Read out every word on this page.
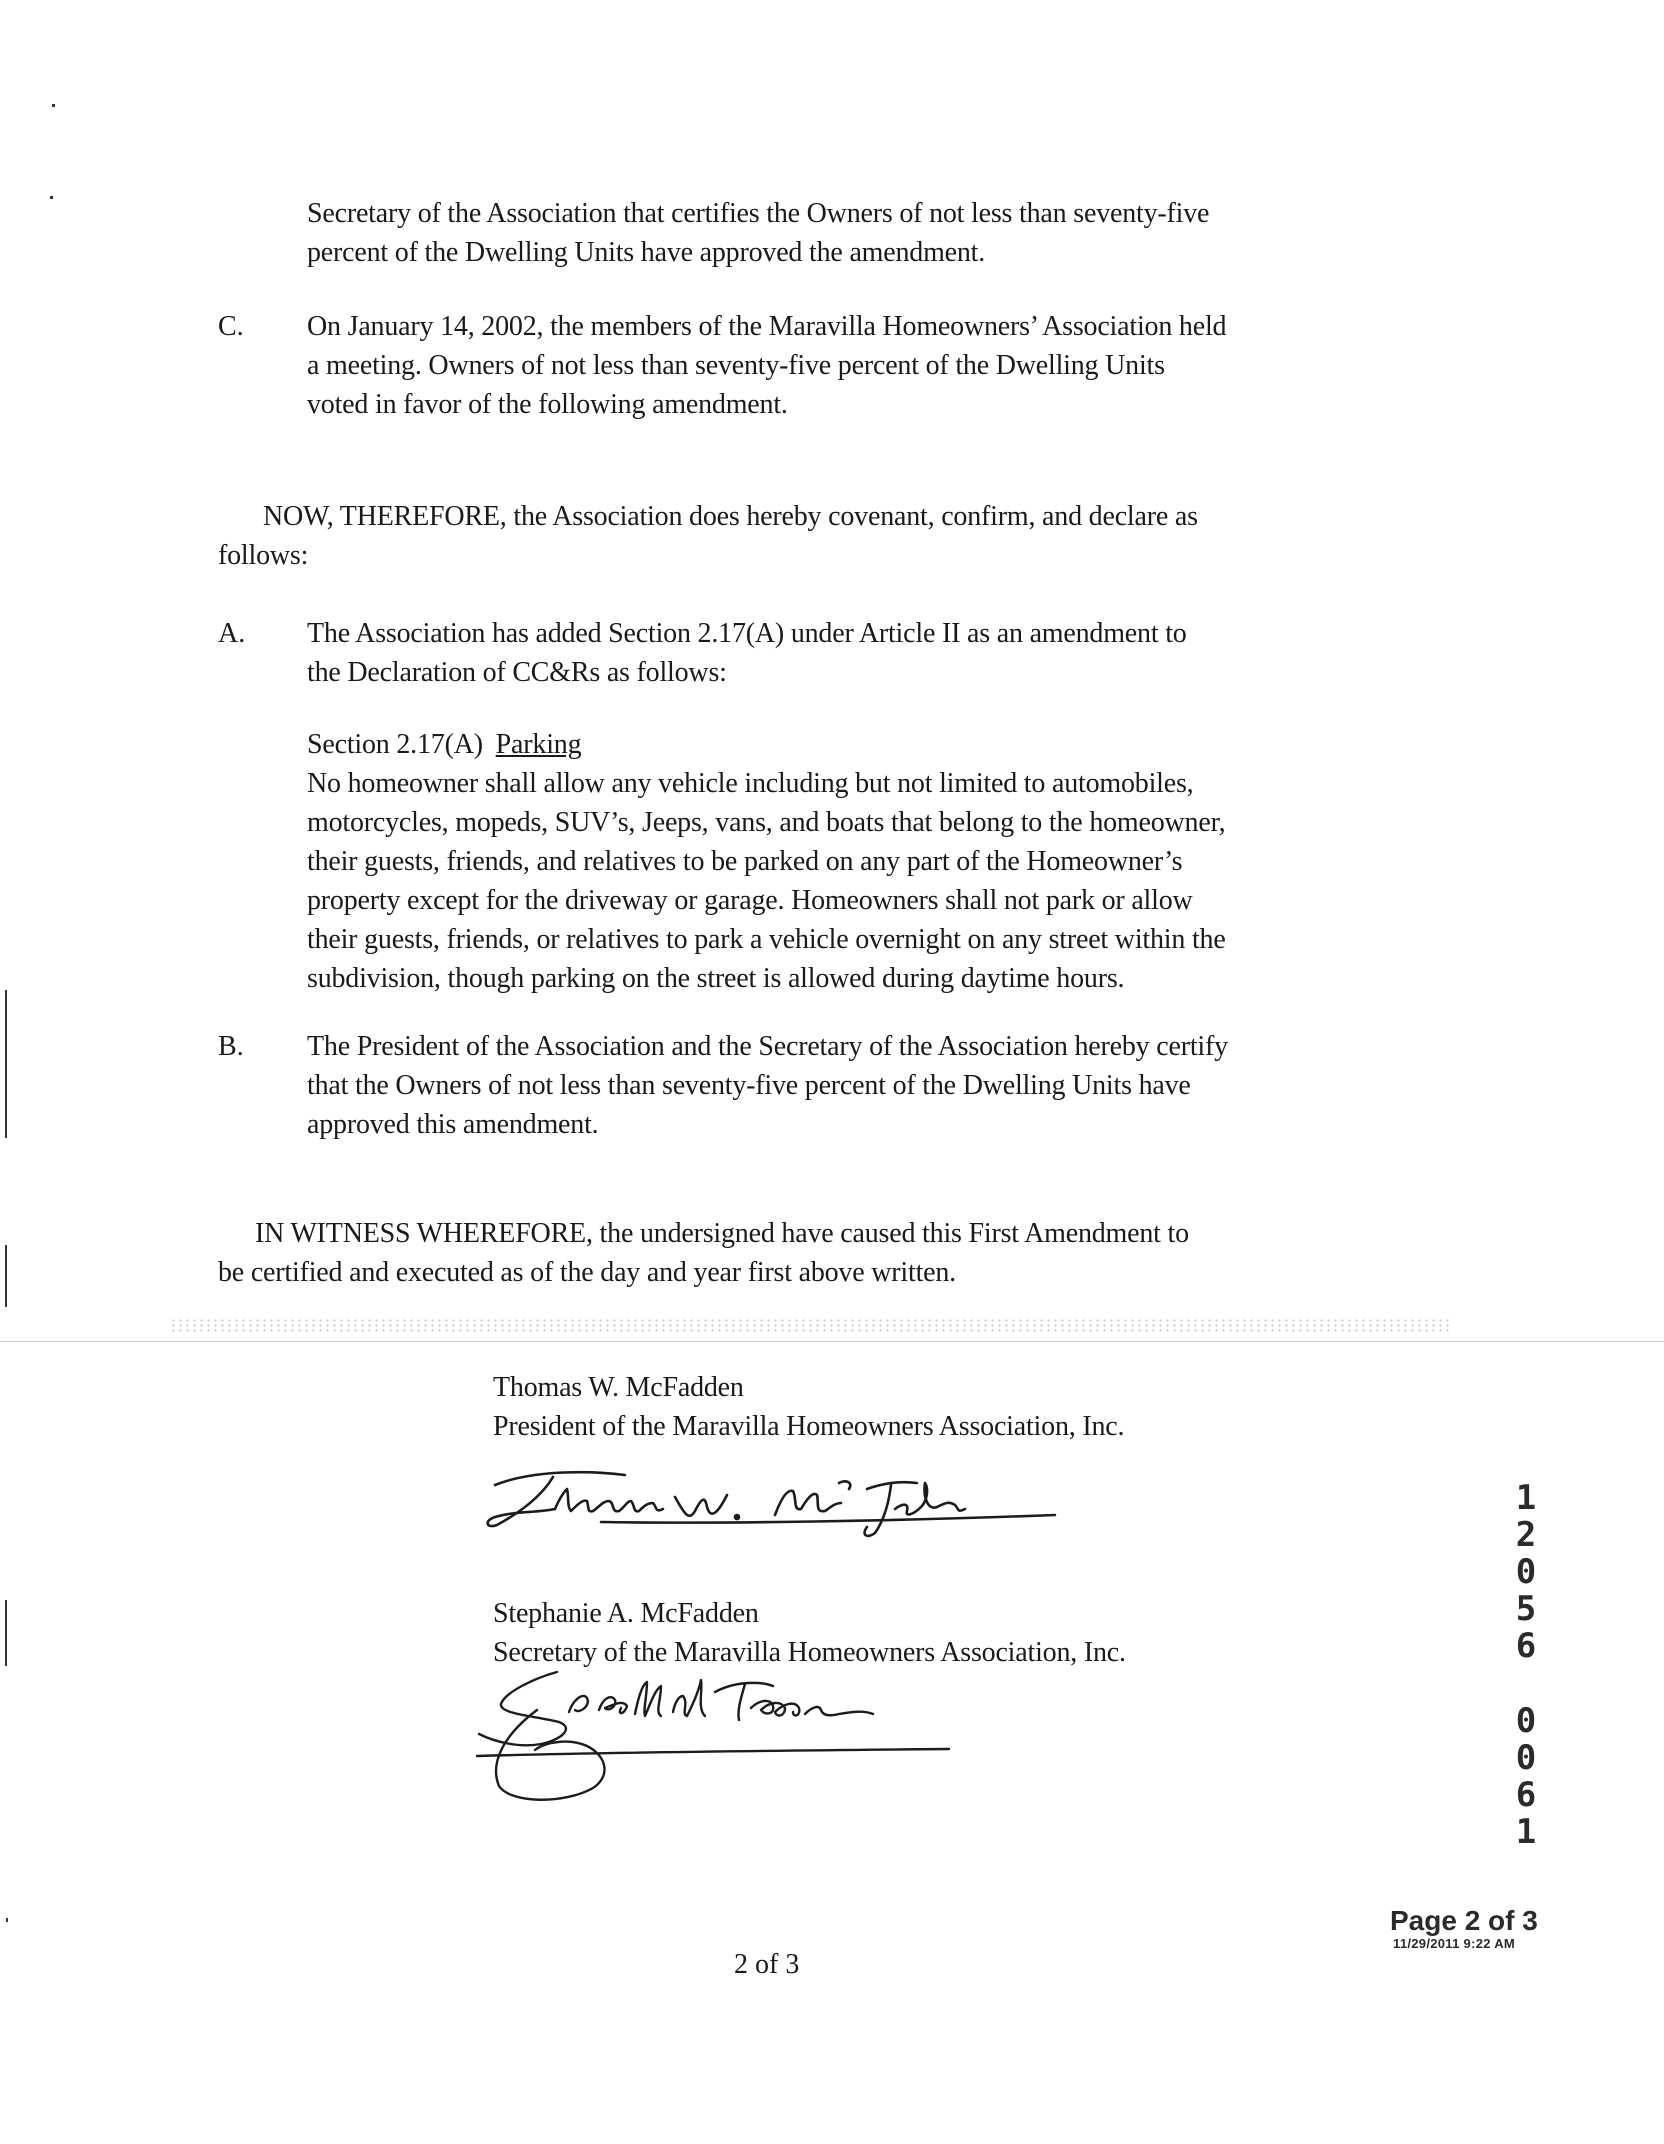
Secretary of the Association that certifies the Owners of not less than seventy-five
percent of the Dwelling Units have approved the amendment.
C. On January 14, 2002, the members of the Maravilla Homeowners’ Association held
a meeting. Owners of not less than seventy-five percent of the Dwelling Units
voted in favor of the following amendment.
NOW, THEREFORE, the Association does hereby covenant, confirm, and declare as
follows:
A. The Association has added Section 2.17(A) under Article II as an amendment to
the Declaration of CC&Rs as follows:
Section 2.17(A) Parking
No homeowner shall allow any vehicle including but not limited to automobiles,
motorcycles, mopeds, SUV’s, Jeeps, vans, and boats that belong to the homeowner,
their guests, friends, and relatives to be parked on any part of the Homeowner’s
property except for the driveway or garage. Homeowners shall not park or allow
their guests, friends, or relatives to park a vehicle overnight on any street within the
subdivision, though parking on the street is allowed during daytime hours.
B. The President of the Association and the Secretary of the Association hereby certify
that the Owners of not less than seventy-five percent of the Dwelling Units have
approved this amendment.
IN WITNESS WHEREFORE, the undersigned have caused this First Amendment to
be certified and executed as of the day and year first above written.
Thomas W. McFadden
President of the Maravilla Homeowners Association, Inc.
Stephanie A. McFadden
Secretary of the Maravilla Homeowners Association, Inc.
1
2
0
5
6
0
0
6
1
2 of 3
Page 2 of 3
11/29/2011 9:22 AM
